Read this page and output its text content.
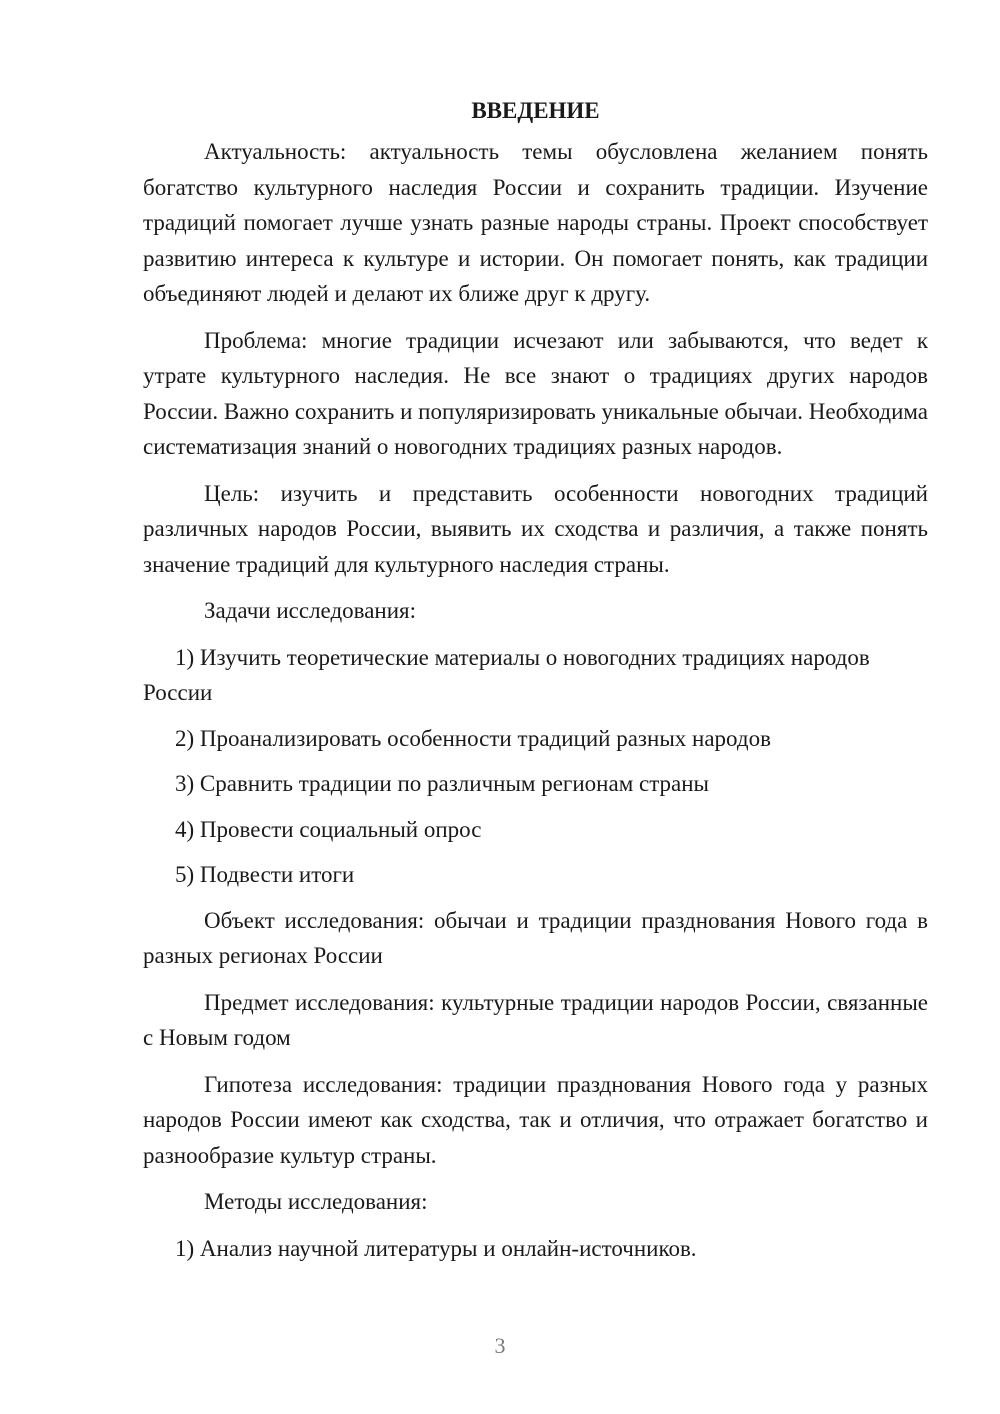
ВВЕДЕНИЕ

Актуальность: актуальность темы обусловлена желанием понять богатство культурного наследия России и сохранить традиции. Изучение традиций помогает лучше узнать разные народы страны. Проект способствует развитию интереса к культуре и истории. Он помогает понять, как традиции объединяют людей и делают их ближе друг к другу.

Проблема: многие традиции исчезают или забываются, что ведет к утрате культурного наследия. Не все знают о традициях других народов России. Важно сохранить и популяризировать уникальные обычаи. Необходима систематизация знаний о новогодних традициях разных народов.

Цель: изучить и представить особенности новогодних традиций различных народов России, выявить их сходства и различия, а также понять значение традиций для культурного наследия страны.

Задачи исследования:

1) Изучить теоретические материалы о новогодних традициях народов России

2) Проанализировать особенности традиций разных народов

3) Сравнить традиции по различным регионам страны

4) Провести социальный опрос

5) Подвести итоги

Объект исследования: обычаи и традиции празднования Нового года в разных регионах России

Предмет исследования: культурные традиции народов России, связанные с Новым годом

Гипотеза исследования: традиции празднования Нового года у разных народов России имеют как сходства, так и отличия, что отражает богатство и разнообразие культур страны.

Методы исследования:

1) Анализ научной литературы и онлайн-источников.

3
